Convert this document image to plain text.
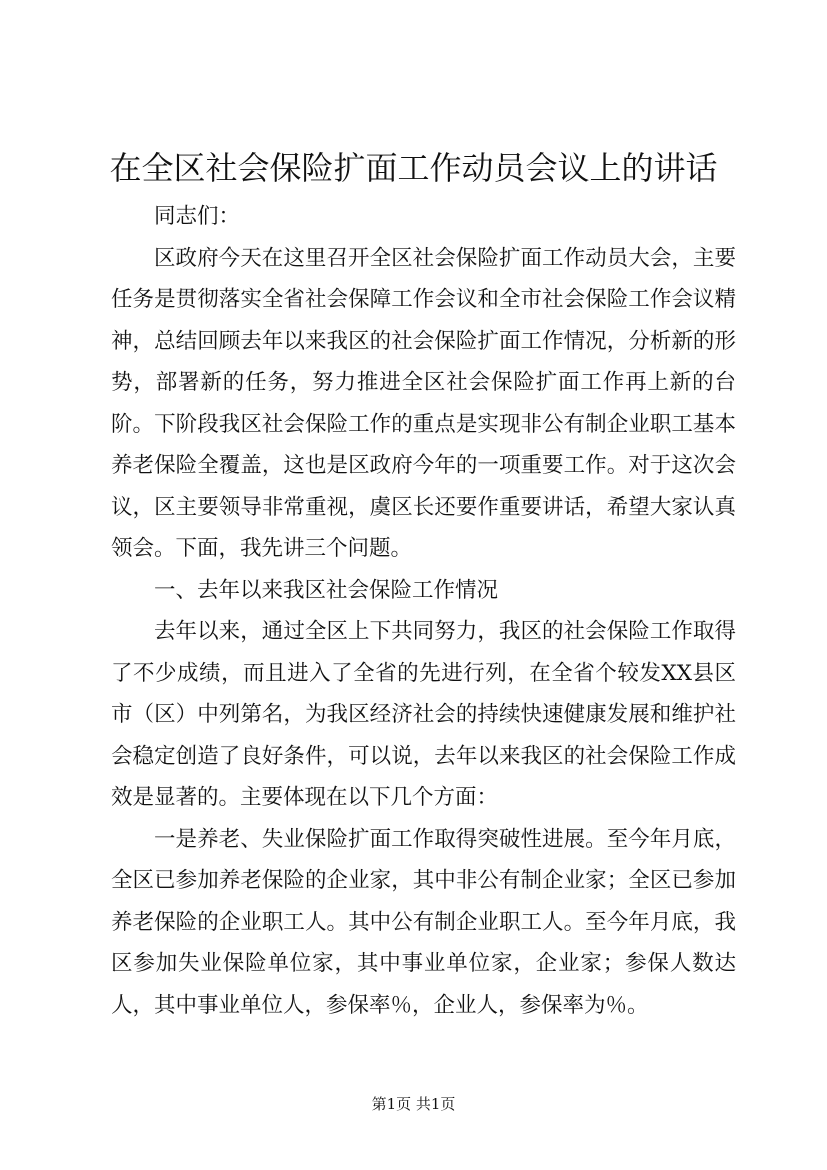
在全区社会保险扩面工作动员会议上的讲话

同志们：

区政府今天在这里召开全区社会保险扩面工作动员大会，主要任务是贯彻落实全省社会保障工作会议和全市社会保险工作会议精神，总结回顾去年以来我区的社会保险扩面工作情况，分析新的形势，部署新的任务，努力推进全区社会保险扩面工作再上新的台阶。下阶段我区社会保险工作的重点是实现非公有制企业职工基本养老保险全覆盖，这也是区政府今年的一项重要工作。对于这次会议，区主要领导非常重视，虞区长还要作重要讲话，希望大家认真领会。下面，我先讲三个问题。

一、去年以来我区社会保险工作情况

去年以来，通过全区上下共同努力，我区的社会保险工作取得了不少成绩，而且进入了全省的先进行列，在全省个较发XX县区市（区）中列第名，为我区经济社会的持续快速健康发展和维护社会稳定创造了良好条件，可以说，去年以来我区的社会保险工作成效是显著的。主要体现在以下几个方面：

一是养老、失业保险扩面工作取得突破性进展。至今年月底，全区已参加养老保险的企业家，其中非公有制企业家；全区已参加养老保险的企业职工人。其中公有制企业职工人。至今年月底，我区参加失业保险单位家，其中事业单位家，企业家；参保人数达人，其中事业单位人，参保率％，企业人，参保率为％。

第1页 共1页
